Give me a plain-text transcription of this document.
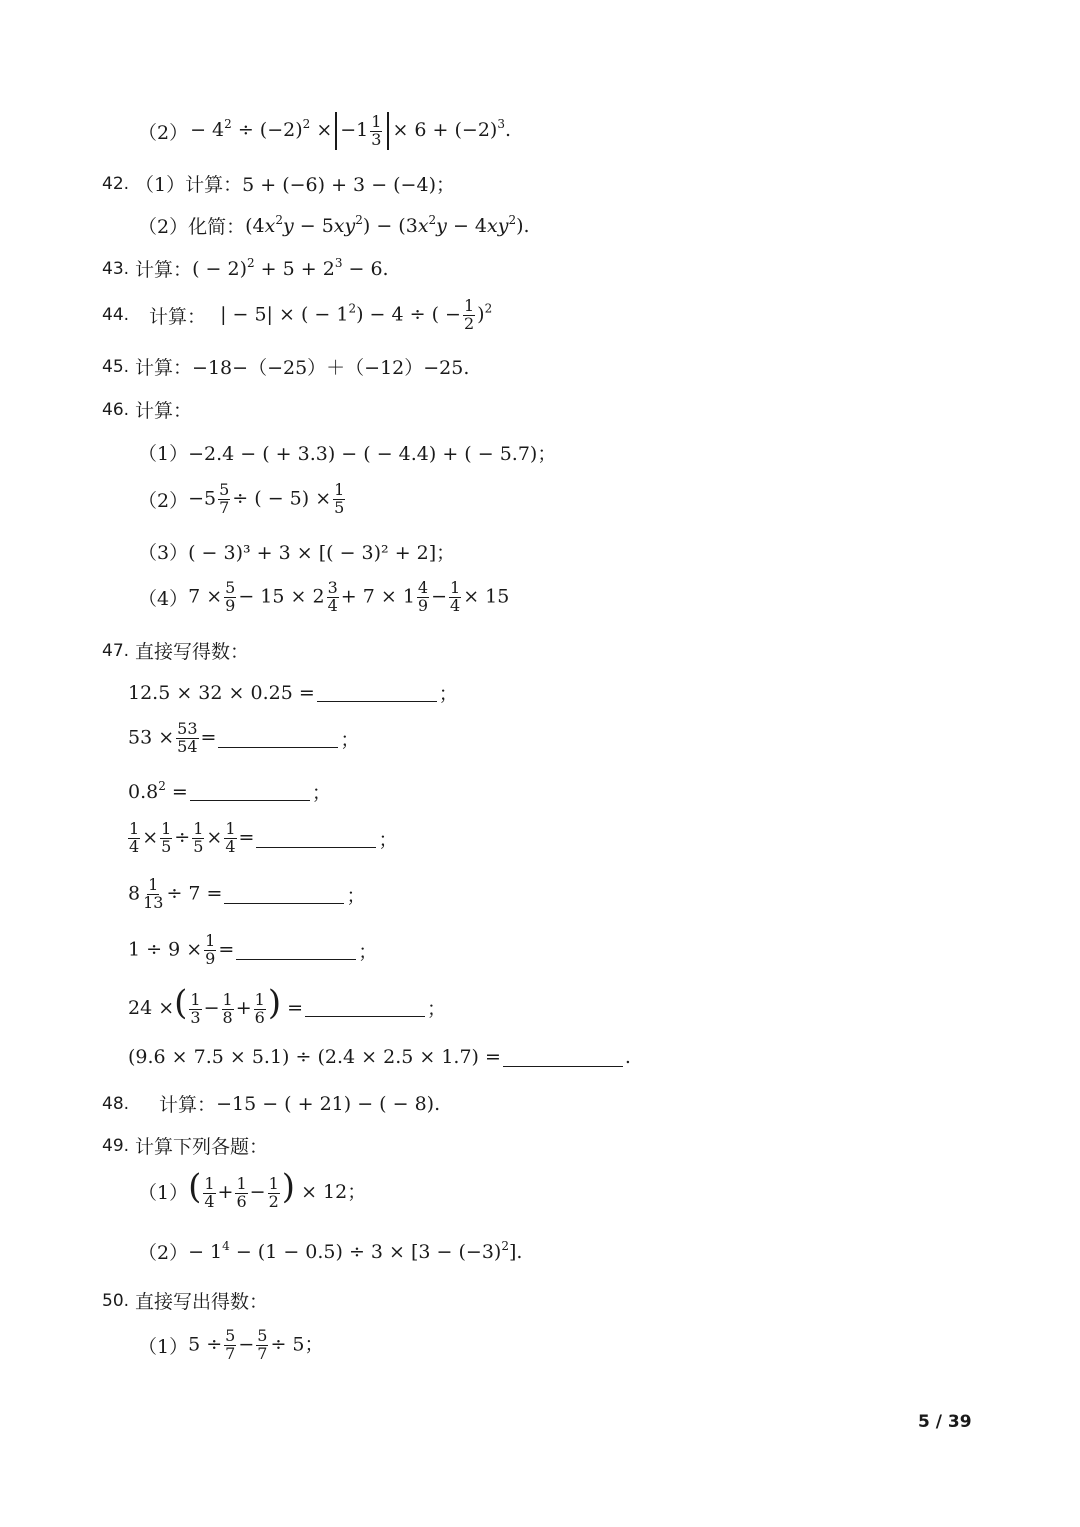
$(2) - 4^2 \div (-2)^2 \times -1 \frac{1}{3} \times 6 + (-2)^3$.
42. （1）计算： 5 + (−6) + 3 − (−4)；
（2）化简： $(4x^2y - 5xy^2) - (3x^2y - 4xy^2)$.
43. 计算： ( − $2)^2 + 5 + 2^3 - 6$.
44. 计算： | − 5| × ( − $1^2) - 4$ ÷ ( − $\frac{1}{2} )^2$
45. 计算：−18−（−25）＋（−12）−25.
46. 计算：
（1） −2.4 − ( + 3.3) − ( − 4.4) + ( − 5.7)；
$(2) -5 \frac{5}{7}$ ÷ ( − $5) \times \frac{1}{5}$
（3） ( − 3)³ + 3 × [( − 3)² + 2]；
（4） $7 \times \frac{5}{9} - 15 \times 2 \frac{3}{4} + 7 \times 1 \frac{4}{9} - \frac{1}{4} \times 15$
47. 直接写得数：
12.5 × 32 × 0.25 =	；
$53 \times \frac{53}{54}$ =	；
$0.8^2$ =	；
$\frac{1}{4} \times \frac{1}{5} \div \frac{1}{5} \times \frac{1}{4}$ =	；
$8 \frac{1}{13} \div 7$ =	；
$1 \div 9 \times \frac{1}{9}$ =	；
24 ×( $\frac{1}{3} - \frac{1}{8} + \frac{1}{6}$ ) =	；
(9.6 × 7.5 × 5.1) ÷ (2.4 × 2.5 × 1.7) =	.
48. 计算： −15 − ( + 21) − ( − 8).
49. 计算下列各题：
（1） ( $\frac{1}{4} + \frac{1}{6} - \frac{1}{2}$ ) × 12；
$(2) - 1^4 - (1 - 0.5) \div 3 \times [3 - (-3)^2]$.
50. 直接写出得数：
（1） $5 \div \frac{5}{7} - \frac{5}{7} \div 5$；
5 / 39
